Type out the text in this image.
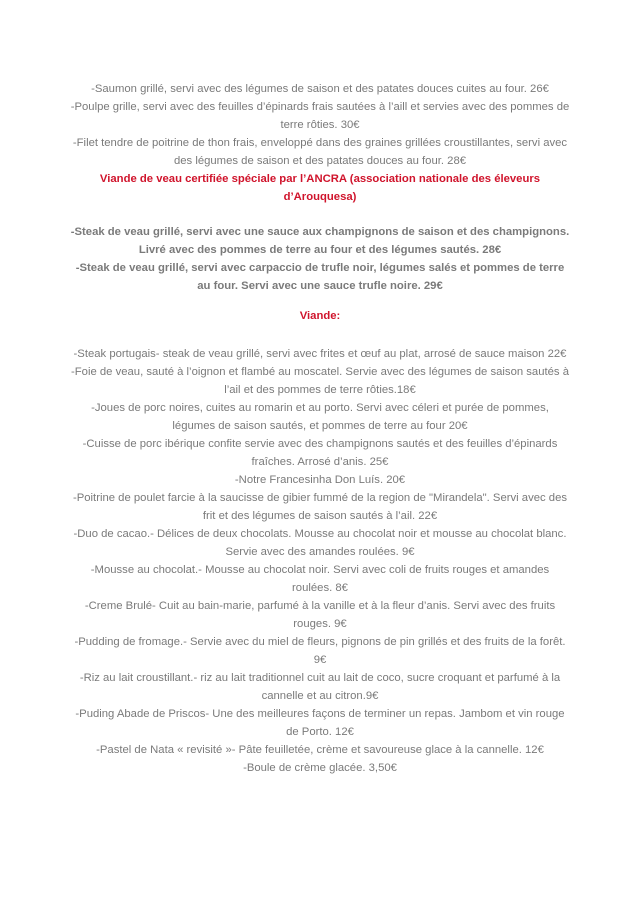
-Saumon grillé, servi avec des légumes de saison et des patates douces cuites au four. 26€

-Poulpe grille, servi avec des feuilles d’épinards frais sautées à l’aill et servies avec des pommes de terre rôties. 30€

-Filet tendre de poitrine de thon frais, enveloppé dans des graines grillées croustillantes, servi avec des légumes de saison et des patates douces au four. 28€

Viande de veau certifiée spéciale par l’ANCRA (association nationale des éleveurs d’Arouquesa)

-Steak de veau grillé, servi avec une sauce aux champignons de saison et des champignons. Livré avec des pommes de terre au four et des légumes sautés. 28€

-Steak de veau grillé, servi avec carpaccio de trufle noir, légumes salés et pommes de terre au four. Servi avec une sauce trufle noire. 29€

Viande:

-Steak portugais- steak de veau grillé, servi avec frites et œuf au plat, arrosé de sauce maison 22€

-Foie de veau, sauté à l’oignon et flambé au moscatel. Servie avec des légumes de saison sautés à l’ail et des pommes de terre rôties.18€

-Joues de porc noires, cuites au romarin et au porto. Servi avec céleri et purée de pommes, légumes de saison sautés, et pommes de terre au four 20€

-Cuisse de porc ibérique confite servie avec des champignons sautés et des feuilles d’épinards fraîches. Arrosé d’anis. 25€

-Notre Francesinha Don Luís. 20€

-Poitrine de poulet farcie à la saucisse de gibier fummé de la region de "Mirandela". Servi avec des frit et des légumes de saison sautés à l’ail. 22€

-Duo de cacao.- Délices de deux chocolats. Mousse au chocolat noir et mousse au chocolat blanc. Servie avec des amandes roulées. 9€

-Mousse au chocolat.- Mousse au chocolat noir. Servi avec coli de fruits rouges et amandes roulées. 8€

-Creme Brulé- Cuit au bain-marie, parfumé à la vanille et à la fleur d’anis. Servi avec des fruits rouges. 9€

-Pudding de fromage.- Servie avec du miel de fleurs, pignons de pin grillés et des fruits de la forêt. 9€

-Riz au lait croustillant.- riz au lait traditionnel cuit au lait de coco, sucre croquant et parfumé à la cannelle et au citron.9€

-Puding Abade de Priscos- Une des meilleures façons de terminer un repas. Jambom et vin rouge de Porto. 12€

-Pastel de Nata « revisité »- Pâte feuilletée, crème et savoureuse glace à la cannelle. 12€

-Boule de crème glacée. 3,50€
